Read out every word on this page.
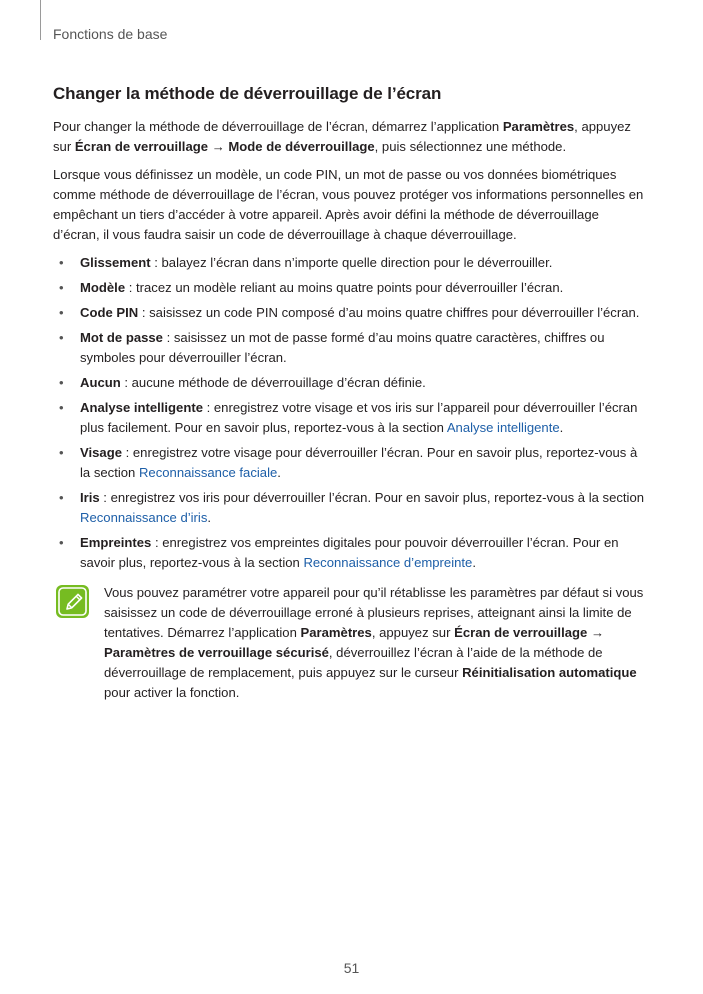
Fonctions de base
Changer la méthode de déverrouillage de l’écran

Pour changer la méthode de déverrouillage de l’écran, démarrez l’application Paramètres, appuyez sur Écran de verrouillage → Mode de déverrouillage, puis sélectionnez une méthode.

Lorsque vous définissez un modèle, un code PIN, un mot de passe ou vos données biométriques comme méthode de déverrouillage de l’écran, vous pouvez protéger vos informations personnelles en empêchant un tiers d’accéder à votre appareil. Après avoir défini la méthode de déverrouillage d’écran, il vous faudra saisir un code de déverrouillage à chaque déverrouillage.

• Glissement : balayez l’écran dans n’importe quelle direction pour le déverrouiller.
• Modèle : tracez un modèle reliant au moins quatre points pour déverrouiller l’écran.
• Code PIN : saisissez un code PIN composé d’au moins quatre chiffres pour déverrouiller l’écran.
• Mot de passe : saisissez un mot de passe formé d’au moins quatre caractères, chiffres ou symboles pour déverrouiller l’écran.
• Aucun : aucune méthode de déverrouillage d’écran définie.
• Analyse intelligente : enregistrez votre visage et vos iris sur l’appareil pour déverrouiller l’écran plus facilement. Pour en savoir plus, reportez-vous à la section Analyse intelligente.
• Visage : enregistrez votre visage pour déverrouiller l’écran. Pour en savoir plus, reportez-vous à la section Reconnaissance faciale.
• Iris : enregistrez vos iris pour déverrouiller l’écran. Pour en savoir plus, reportez-vous à la section Reconnaissance d’iris.
• Empreintes : enregistrez vos empreintes digitales pour pouvoir déverrouiller l’écran. Pour en savoir plus, reportez-vous à la section Reconnaissance d’empreinte.

Vous pouvez paramétrer votre appareil pour qu’il rétablisse les paramètres par défaut si vous saisissez un code de déverrouillage erroné à plusieurs reprises, atteignant ainsi la limite de tentatives. Démarrez l’application Paramètres, appuyez sur Écran de verrouillage → Paramètres de verrouillage sécurisé, déverrouillez l’écran à l’aide de la méthode de déverrouillage de remplacement, puis appuyez sur le curseur Réinitialisation automatique pour activer la fonction.

51
